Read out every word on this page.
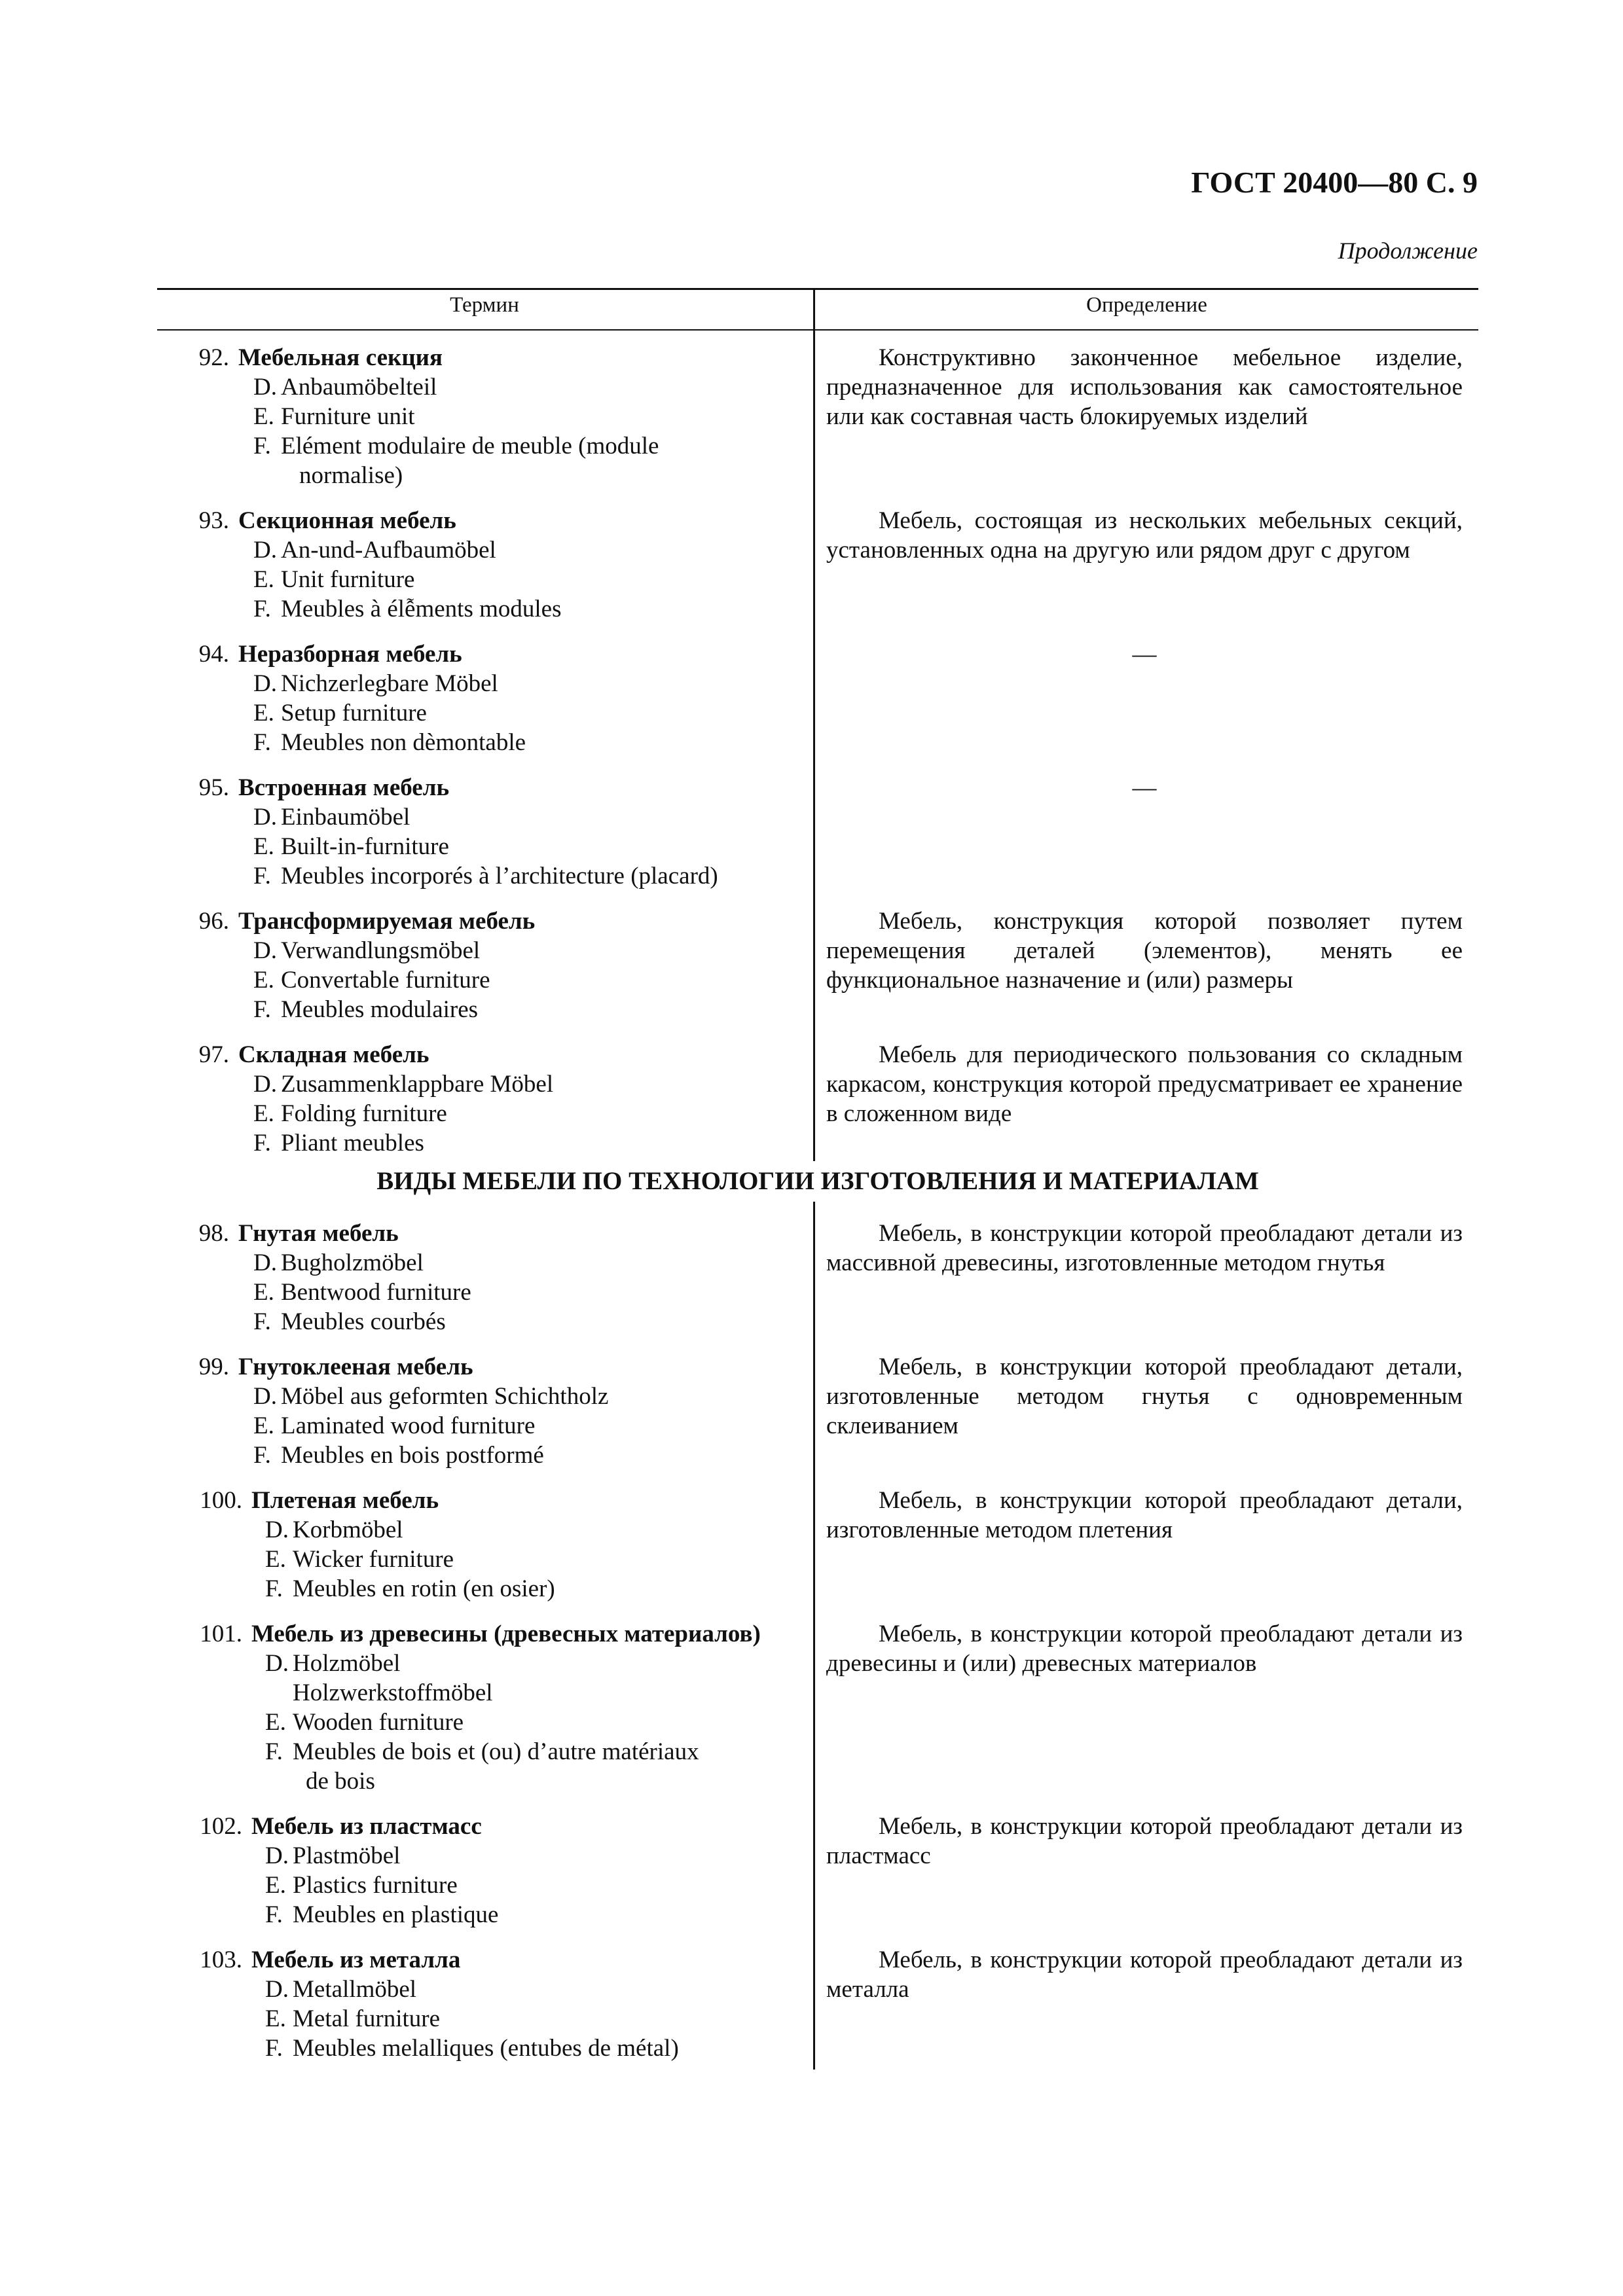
ГОСТ 20400—80 С. 9
Продолжение
Термин	Определение
92. Мебельная секция
D. Anbaumöbelteil
E. Furniture unit
F. Elément modulaire de meuble (module
normalise)
Конструктивно законченное мебельное изделие, предназначенное для использования как самостоятельное или как составная часть блокируемых изделий
93. Секционная мебель
D. An-und-Aufbaumöbel
E. Unit furniture
F. Meubles à élễments modules
Мебель, состоящая из нескольких мебельных секций, установленных одна на другую или рядом друг с другом
94. Неразборная мебель
D. Nichzerlegbare Möbel
E. Setup furniture
F. Meubles non dèmontable
—
95. Встроенная мебель
D. Einbaumöbel
E. Built-in-furniture
F. Meubles incorporés à l’architecture (placard)
—
96. Трансформируемая мебель
D. Verwandlungsmöbel
E. Convertable furniture
F. Meubles modulaires
Мебель, конструкция которой позволяет путем перемещения деталей (элементов), менять ее функциональное назначение и (или) размеры
97. Складная мебель
D. Zusammenklappbare Möbel
E. Folding furniture
F. Pliant meubles
Мебель для периодического пользования со складным каркасом, конструкция которой предусматривает ее хранение в сложенном виде
ВИДЫ МЕБЕЛИ ПО ТЕХНОЛОГИИ ИЗГОТОВЛЕНИЯ И МАТЕРИАЛАМ
98. Гнутая мебель
D. Bugholzmöbel
E. Bentwood furniture
F. Meubles courbés
Мебель, в конструкции которой преобладают детали из массивной древесины, изготовленные методом гнутья
99. Гнутоклееная мебель
D. Möbel aus geformten Schichtholz
E. Laminated wood furniture
F. Meubles en bois postformé
Мебель, в конструкции которой преобладают детали, изготовленные методом гнутья с одновременным склеиванием
100. Плетеная мебель
D. Korbmöbel
E. Wicker furniture
F. Meubles en rotin (en osier)
Мебель, в конструкции которой преобладают детали, изготовленные методом плетения
101. Мебель из древесины (древесных материалов)
D. Holzmöbel
Holzwerkstoffmöbel
E. Wooden furniture
F. Meubles de bois et (ou) d’autre matériaux
de bois
Мебель, в конструкции которой преобладают детали из древесины и (или) древесных материалов
102. Мебель из пластмасс
D. Plastmöbel
E. Plastics furniture
F. Meubles en plastique
Мебель, в конструкции которой преобладают детали из пластмасс
103. Мебель из металла
D. Metallmöbel
E. Metal furniture
F. Meubles melalliques (entubes de métal)
Мебель, в конструкции которой преобладают детали из металла
